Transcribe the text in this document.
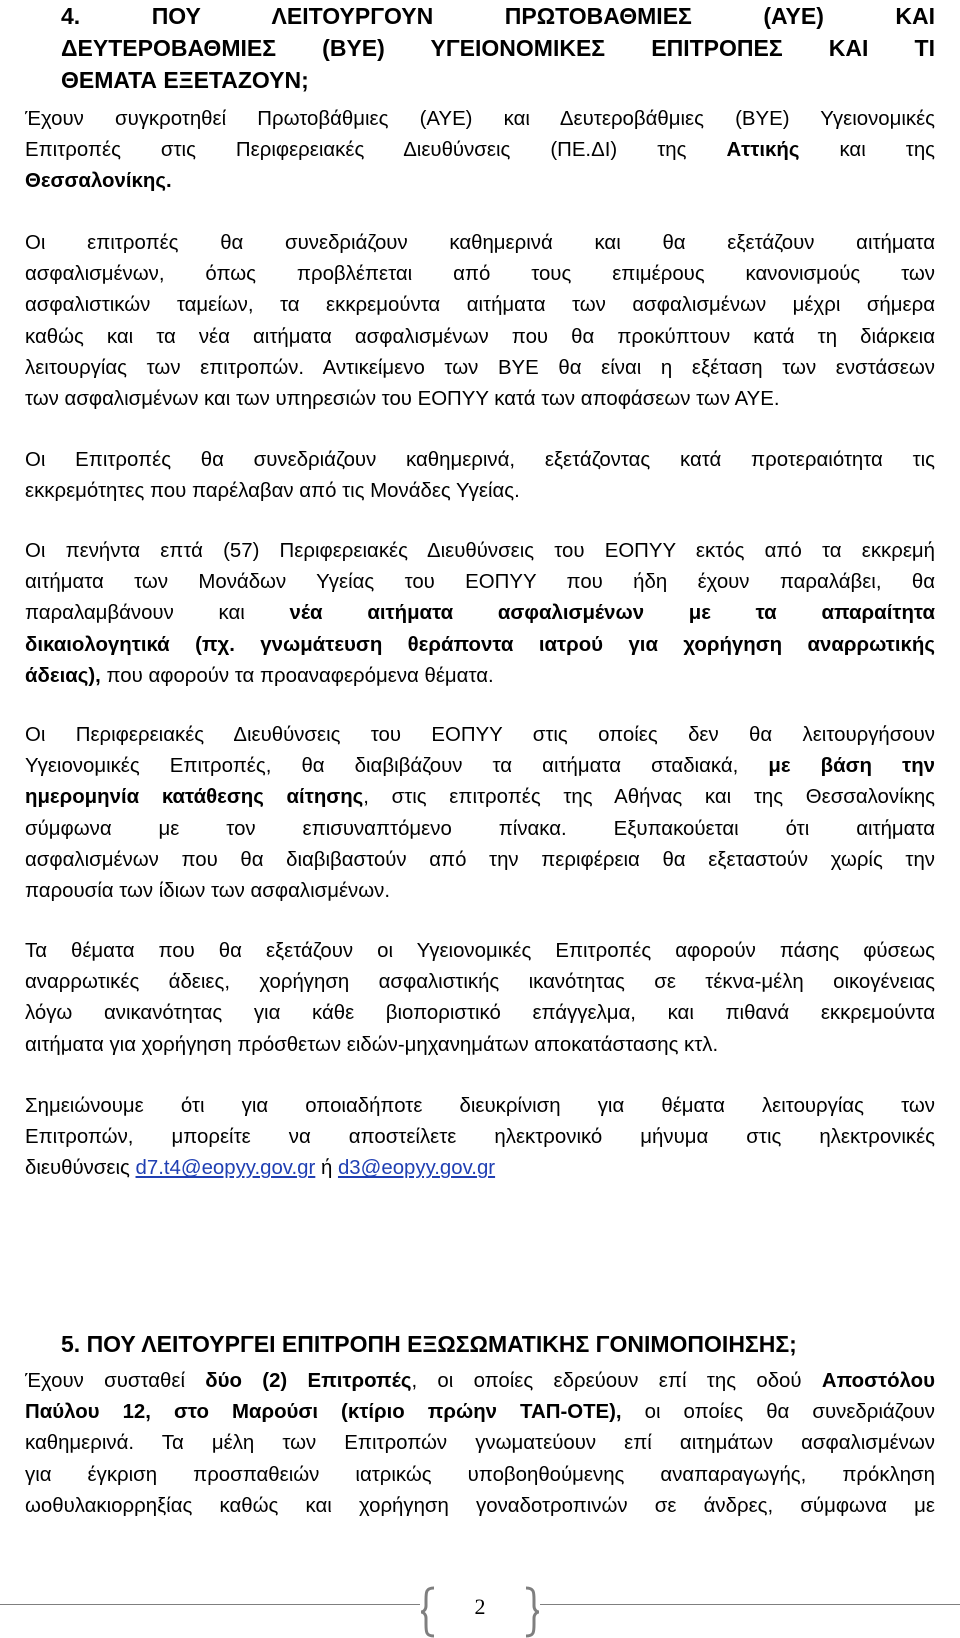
4. ΠΟΥ ΛΕΙΤΟΥΡΓΟΥΝ ΠΡΩΤΟΒΑΘΜΙΕΣ (ΑΥΕ) ΚΑΙ
ΔΕΥΤΕΡΟΒΑΘΜΙΕΣ (ΒΥΕ) ΥΓΕΙΟΝΟΜΙΚΕΣ ΕΠΙΤΡΟΠΕΣ ΚΑΙ ΤΙ
ΘΕΜΑΤΑ ΕΞΕΤΑΖΟΥΝ;
Έχουν συγκροτηθεί Πρωτοβάθμιες (ΑΥΕ) και Δευτεροβάθμιες (ΒΥΕ) Υγειονομικές
Επιτροπές στις Περιφερειακές Διευθύνσεις (ΠΕ.ΔΙ) της Αττικής και της
Θεσσαλονίκης.
Οι επιτροπές θα συνεδριάζουν καθημερινά και θα εξετάζουν αιτήματα
ασφαλισμένων, όπως προβλέπεται από τους επιμέρους κανονισμούς των
ασφαλιστικών ταμείων, τα εκκρεμούντα αιτήματα των ασφαλισμένων μέχρι σήμερα
καθώς και τα νέα αιτήματα ασφαλισμένων που θα προκύπτουν κατά τη διάρκεια
λειτουργίας των επιτροπών. Αντικείμενο των ΒΥΕ θα είναι η εξέταση των ενστάσεων
των ασφαλισμένων και των υπηρεσιών του ΕΟΠΥΥ κατά των αποφάσεων των ΑΥΕ.
Οι Επιτροπές θα συνεδριάζουν καθημερινά, εξετάζοντας κατά προτεραιότητα τις
εκκρεμότητες που παρέλαβαν από τις Μονάδες Υγείας.
Οι πενήντα επτά (57) Περιφερειακές Διευθύνσεις του ΕΟΠΥΥ εκτός από τα εκκρεμή
αιτήματα των Μονάδων Υγείας του ΕΟΠΥΥ που ήδη έχουν παραλάβει, θα
παραλαμβάνουν και νέα αιτήματα ασφαλισμένων με τα απαραίτητα
δικαιολογητικά (πχ. γνωμάτευση θεράποντα ιατρού για χορήγηση αναρρωτικής
άδειας), που αφορούν τα προαναφερόμενα θέματα.
Οι Περιφερειακές Διευθύνσεις του ΕΟΠΥΥ στις οποίες δεν θα λειτουργήσουν
Υγειονομικές Επιτροπές, θα διαβιβάζουν τα αιτήματα σταδιακά, με βάση την
ημερομηνία κατάθεσης αίτησης, στις επιτροπές της Αθήνας και της Θεσσαλονίκης
σύμφωνα με τον επισυναπτόμενο πίνακα. Εξυπακούεται ότι αιτήματα
ασφαλισμένων που θα διαβιβαστούν από την περιφέρεια θα εξεταστούν χωρίς την
παρουσία των ίδιων των ασφαλισμένων.
Τα θέματα που θα εξετάζουν οι Υγειονομικές Επιτροπές αφορούν πάσης φύσεως
αναρρωτικές άδειες, χορήγηση ασφαλιστικής ικανότητας σε τέκνα-μέλη οικογένειας
λόγω ανικανότητας για κάθε βιοποριστικό επάγγελμα, και πιθανά εκκρεμούντα
αιτήματα για χορήγηση πρόσθετων ειδών-μηχανημάτων αποκατάστασης κτλ.
Σημειώνουμε ότι για οποιαδήποτε διευκρίνιση για θέματα λειτουργίας των
Επιτροπών, μπορείτε να αποστείλετε ηλεκτρονικό μήνυμα στις ηλεκτρονικές
διευθύνσεις d7.t4@eopyy.gov.gr ή d3@eopyy.gov.gr
5. ΠΟΥ ΛΕΙΤΟΥΡΓΕΙ ΕΠΙΤΡΟΠΗ ΕΞΩΣΩΜΑΤΙΚΗΣ ΓΟΝΙΜΟΠΟΙΗΣΗΣ;
Έχουν συσταθεί δύο (2) Επιτροπές, οι οποίες εδρεύουν επί της οδού Αποστόλου
Παύλου 12, στο Μαρούσι (κτίριο πρώην ΤΑΠ-ΟΤΕ), οι οποίες θα συνεδριάζουν
καθημερινά. Τα μέλη των Επιτροπών γνωματεύουν επί αιτημάτων ασφαλισμένων
για έγκριση προσπαθειών ιατρικώς υποβοηθούμενης αναπαραγωγής, πρόκληση
ωοθυλακιορρηξίας καθώς και χορήγηση γοναδοτροπινών σε άνδρες, σύμφωνα με
2
